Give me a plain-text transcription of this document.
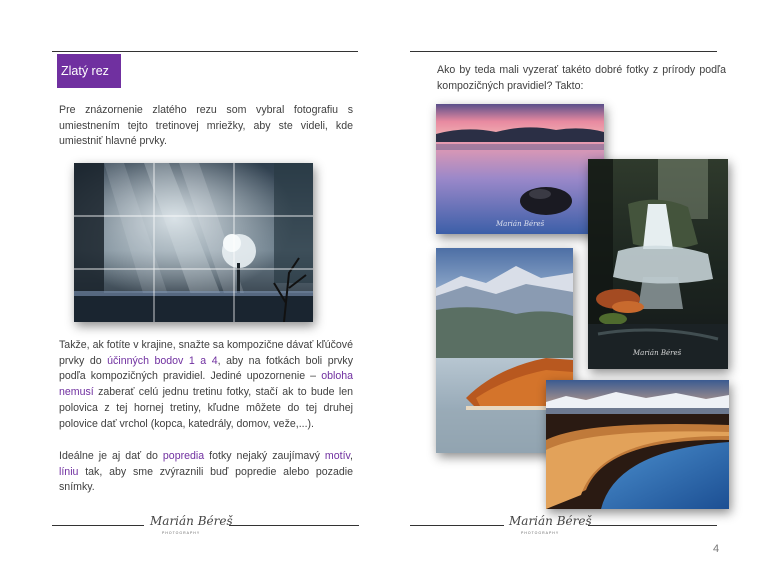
Zlatý rez
Pre znázornenie zlatého rezu som vybral fotografiu s umiestnením tejto tretinovej mriežky, aby ste videli, kde umiestniť hlavné prvky.
Takže, ak fotíte v krajine, snažte sa kompozične dávať kľúčové prvky do účinných bodov 1 a 4, aby na fotkách boli prvky podľa kompozičných pravidiel. Jediné upozornenie – obloha nemusí zaberať celú jednu tretinu fotky, stačí ak to bude len polovica z tej hornej tretiny, kľudne môžete do tej druhej polovice dať vrchol (kopca, katedrály, domov, veže,...).
Ideálne je aj dať do popredia fotky nejaký zaujímavý motív, líniu tak, aby sme zvýraznili buď popredie alebo pozadie snímky.
Marián Béreš
PHOTOGRAPHY
Ako by teda mali vyzerať takéto dobré fotky z prírody podľa kompozičných pravidiel? Takto:
Marián Béreš
Marián Béreš
Marián Béreš
PHOTOGRAPHY
4
